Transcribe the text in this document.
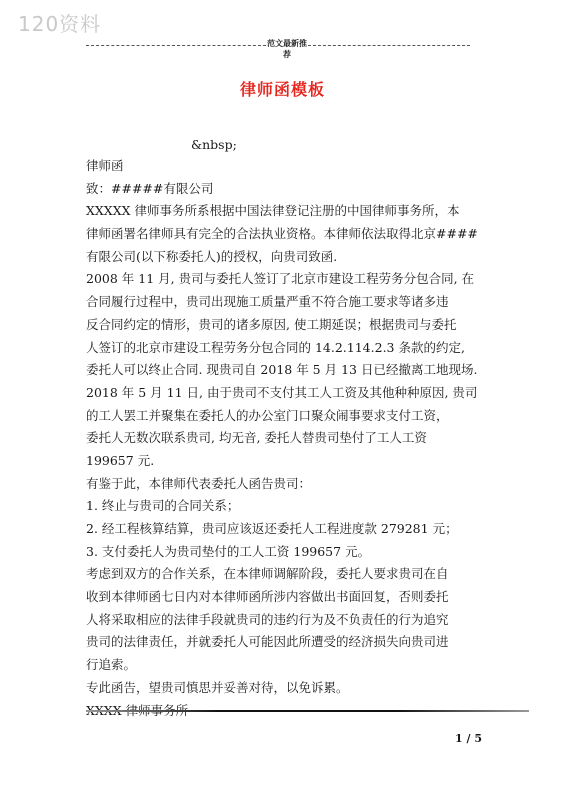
120资料
范文最新推荐
律师函模板
&nbsp;
律师函
致：#####有限公司
XXXXX 律师事务所系根据中国法律登记注册的中国律师事务所，本
律师函署名律师具有完全的合法执业资格。本律师依法取得北京####
有限公司(以下称委托人)的授权，向贵司致函.
2008 年 11 月, 贵司与委托人签订了北京市建设工程劳务分包合同, 在
合同履行过程中，贵司出现施工质量严重不符合施工要求等诸多违
反合同约定的情形，贵司的诸多原因, 使工期延误；根据贵司与委托
人签订的北京市建设工程劳务分包合同的 14.2.114.2.3 条款的约定,
委托人可以终止合同. 现贵司自 2018 年 5 月 13 日已经撤离工地现场.
2018 年 5 月 11 日, 由于贵司不支付其工人工资及其他种种原因, 贵司
的工人罢工并聚集在委托人的办公室门口聚众闹事要求支付工资，
委托人无数次联系贵司, 均无音, 委托人替贵司垫付了工人工资
199657 元.
有鉴于此，本律师代表委托人函告贵司：
1. 终止与贵司的合同关系；
2. 经工程核算结算，贵司应该返还委托人工程进度款 279281 元；
3. 支付委托人为贵司垫付的工人工资 199657 元。
考虑到双方的合作关系，在本律师调解阶段，委托人要求贵司在自
收到本律师函七日内对本律师函所涉内容做出书面回复，否则委托
人将采取相应的法律手段就贵司的违约行为及不负责任的行为追究
贵司的法律责任，并就委托人可能因此所遭受的经济损失向贵司进
行追索。
专此函告，望贵司慎思并妥善对待，以免诉累。
1 / 5
